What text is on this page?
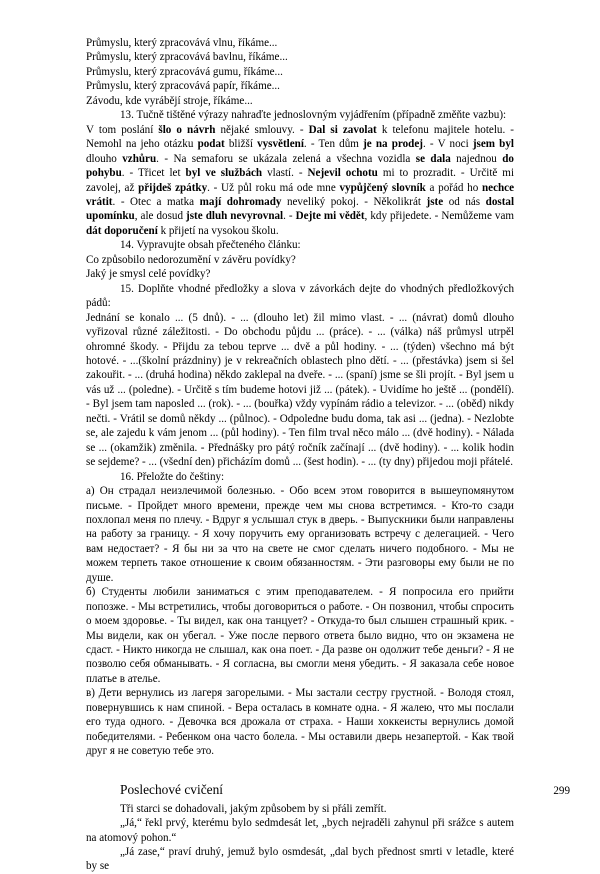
Průmyslu, který zpracovává vlnu, říkáme...

Průmyslu, který zpracovává bavlnu, říkáme...

Průmyslu, který zpracovává gumu, říkáme...

Průmyslu, který zpracovává papír, říkáme...

Závodu, kde vyrábějí stroje, říkáme...

13. Tučně tištěné výrazy nahraďte jednoslovným vyjádřením (případně změňte vazbu):

V tom poslání šlo o návrh nějaké smlouvy. - Dal si zavolat k telefonu majitele hotelu. - Nemohl na jeho otázku podat bližší vysvětlení. - Ten dům je na prodej. - V noci jsem byl dlouho vzhůru. - Na semaforu se ukázala zelená a všechna vozidla se dala najednou do pohybu. - Třicet let byl ve službách vlastí. - Nejevil ochotu mi to prozradit. - Určitě mi zavolej, až přijdeš zpátky. - Už půl roku má ode mne vypůjčený slovník a pořád ho nechce vrátit. - Otec a matka mají dohromady neveliký pokoj. - Několikrát jste od nás dostal upomínku, ale dosud jste dluh nevyrovnal. - Dejte mi vědět, kdy přijedete. - Nemůžeme vam dát doporučení k přijetí na vysokou školu.

14. Vypravujte obsah přečteného článku:

Co způsobilo nedorozumění v závěru povídky?

Jaký je smysl celé povídky?

15. Doplňte vhodné předložky a slova v závorkách dejte do vhodných předložkových pádů:

Jednání se konalo ... (5 dnů). - ... (dlouho let) žil mimo vlast. - ... (návrat) domů dlouho vyřizoval různé záležitosti. - Do obchodu půjdu ... (práce). - ... (válka) náš průmysl utrpěl ohromné škody. - Přijdu za tebou teprve ... dvě a půl hodiny. - ... (týden) všechno má být hotové. - ...(školní prázdniny) je v rekreačních oblastech plno dětí. - ... (přestávka) jsem si šel zakouřit. - ... (druhá hodina) někdo zaklepal na dveře. - ... (spaní) jsme se šli projít. - Byl jsem u vás už ... (poledne). - Určitě s tím budeme hotovi již ... (pátek). - Uvidíme ho ještě ... (pondělí). - Byl jsem tam naposled ... (rok). - ... (bouřka) vždy vypínám rádio a televizor. - ... (oběd) nikdy nečti. - Vrátil se domů někdy ... (půlnoc). - Odpoledne budu doma, tak asi ... (jedna). - Nezlobte se, ale zajedu k vám jenom ... (půl hodiny). - Ten film trval něco málo ... (dvě hodiny). - Nálada se ... (okamžik) změnila. - Přednášky pro pátý ročník začínají ... (dvě hodiny). - ... kolik hodin se sejdeme? - ... (všední den) přicházím domů ... (šest hodin). - ... (ty dny) přijedou moji přátelé.

16. Přeložte do češtiny:

a) Он страдал неизлечимой болезнью. - Обо всем этом говорится в вышеупомянутом письме. - Пройдет много времени, прежде чем мы снова встретимся. - Кто-то сзади похлопал меня по плечу. - Вдруг я услышал стук в дверь. - Выпускники были направлены на работу за границу. - Я хочу поручить ему организовать встречу с делегацией. - Чего вам недостает? - Я бы ни за что на свете не смог сделать ничего подобного. - Мы не можем терпеть такое отношение к своим обязанностям. - Эти разговоры ему были не по душе.

б) Студенты любили заниматься с этим преподавателем. - Я попросила его прийти попозже. - Мы встретились, чтобы договориться о работе. - Он позвонил, чтобы спросить о моем здоровье. - Ты видел, как она танцует? - Откуда-то был слышен страшный крик. - Мы видели, как он убегал. - Уже после первого ответа было видно, что он экзамена не сдаст. - Никто никогда не слышал, как она поет. - Да разве он одолжит тебе деньги? - Я не позволю себя обманывать. - Я согласна, вы смогли меня убедить. - Я заказала себе новое платье в ателье.

в) Дети вернулись из лагеря загорелыми. - Мы застали сестру грустной. - Володя стоял, повернувшись к нам спиной. - Вера осталась в комнате одна. - Я жалею, что мы послали его туда одного. - Девочка вся дрожала от страха. - Наши хоккеисты вернулись домой победителями. - Ребенком она часто болела. - Мы оставили дверь незапертой. - Как твой друг я не советую тебе это.

Poslechové cvičení

Tři starci se dohadovali, jakým způsobem by si přáli zemřít.

„Já,“ řekl prvý, kterému bylo sedmdesát let, „bych nejraděli zahynul při srážce s autem na atomový pohon.“

„Já zase,“ praví druhý, jemuž bylo osmdesát, „dal bych přednost smrti v letadle, které by se

299
